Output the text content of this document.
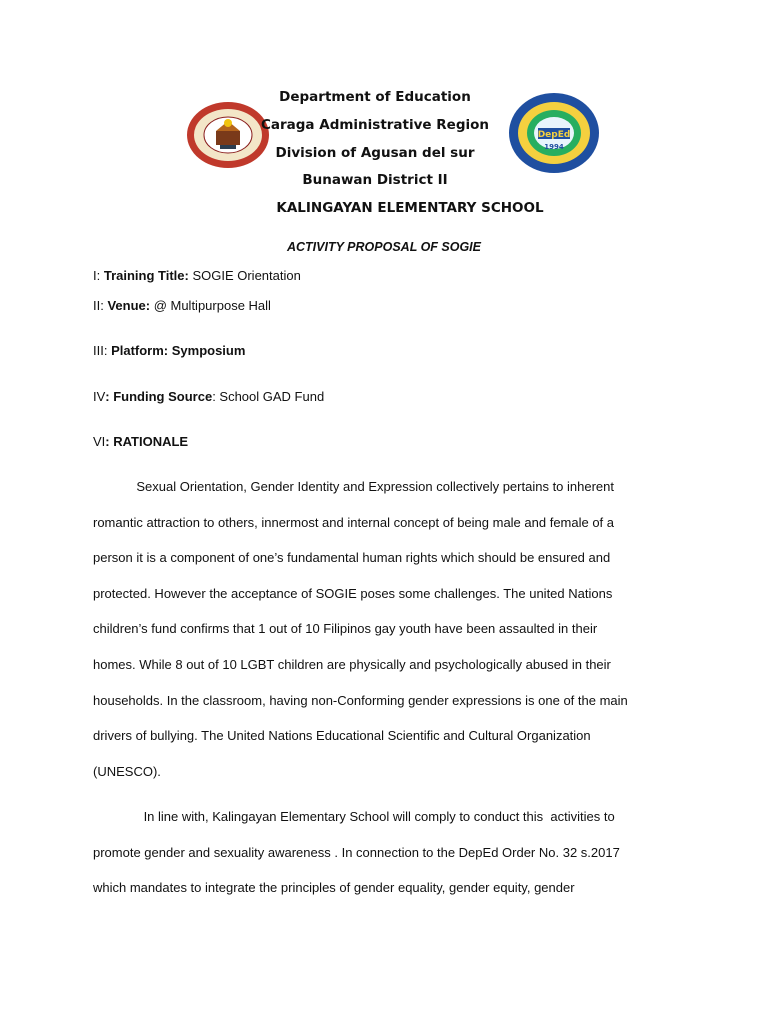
DepEd
1994
Department of Education
Caraga Administrative Region
Division of Agusan del sur
Bunawan District II
KALINGAYAN ELEMENTARY SCHOOL
ACTIVITY PROPOSAL OF SOGIE
I: Training Title: SOGIE Orientation
II: Venue: @ Multipurpose Hall
III: Platform: Symposium
IV: Funding Source: School GAD Fund
VI: RATIONALE
Sexual Orientation, Gender Identity and Expression collectively pertains to inherent
romantic attraction to others, innermost and internal concept of being male and female of a
person it is a component of one’s fundamental human rights which should be ensured and
protected. However the acceptance of SOGIE poses some challenges. The united Nations
children’s fund confirms that 1 out of 10 Filipinos gay youth have been assaulted in their
homes. While 8 out of 10 LGBT children are physically and psychologically abused in their
households. In the classroom, having non-Conforming gender expressions is one of the main
drivers of bullying. The United Nations Educational Scientific and Cultural Organization
(UNESCO).
In line with, Kalingayan Elementary School will comply to conduct this  activities to
promote gender and sexuality awareness . In connection to the DepEd Order No. 32 s.2017
which mandates to integrate the principles of gender equality, gender equity, gender
